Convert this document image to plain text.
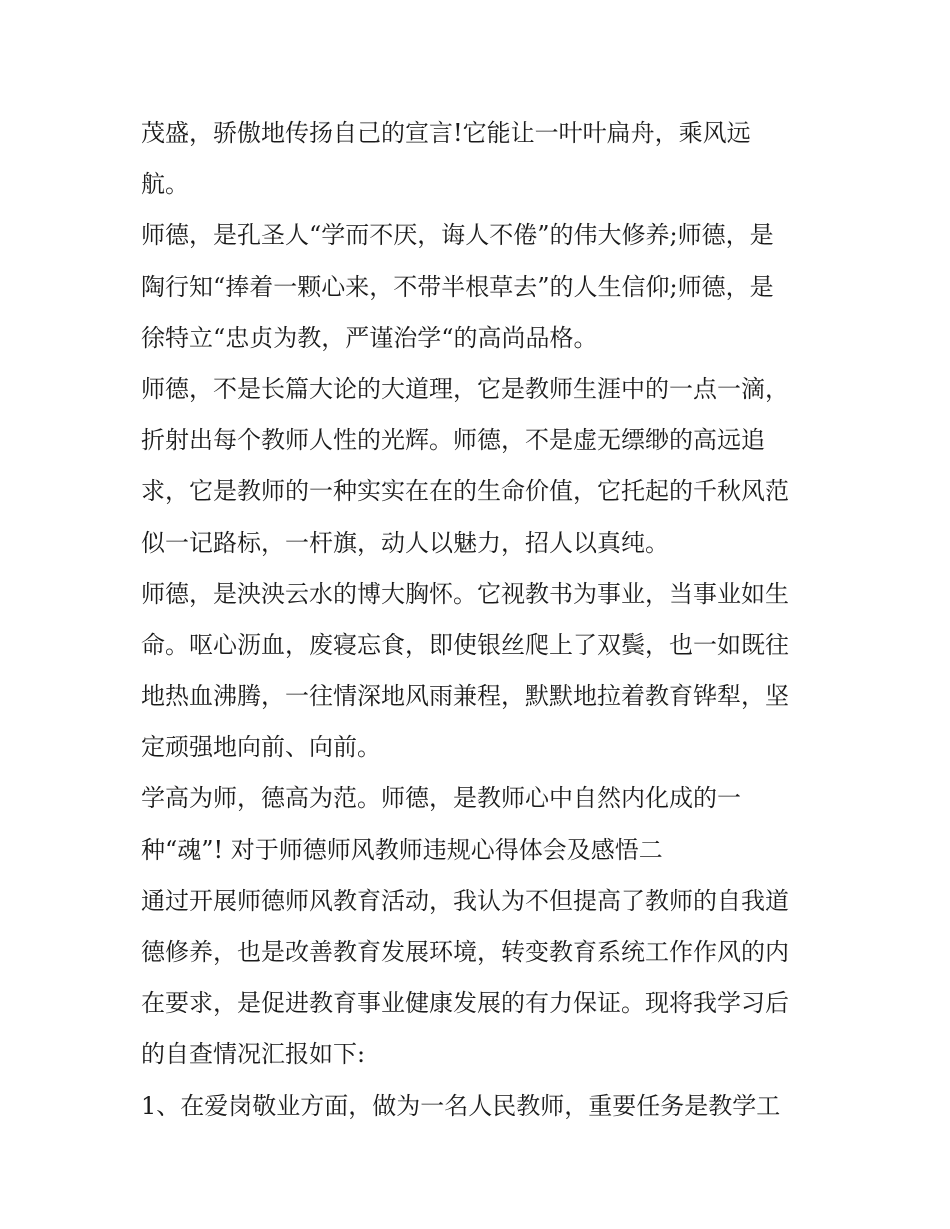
茂盛，骄傲地传扬自己的宣言!它能让一叶叶扁舟，乘风远
航。
师德，是孔圣人“学而不厌，诲人不倦”的伟大修养;师德，是
陶行知“捧着一颗心来，不带半根草去”的人生信仰;师德，是
徐特立“忠贞为教，严谨治学“的高尚品格。
师德，不是长篇大论的大道理，它是教师生涯中的一点一滴，
折射出每个教师人性的光辉。师德，不是虚无缥缈的高远追
求，它是教师的一种实实在在的生命价值，它托起的千秋风范
似一记路标，一杆旗，动人以魅力，招人以真纯。
师德，是泱泱云水的博大胸怀。它视教书为事业，当事业如生
命。呕心沥血，废寝忘食，即使银丝爬上了双鬓，也一如既往
地热血沸腾，一往情深地风雨兼程，默默地拉着教育铧犁，坚
定顽强地向前、向前。
学高为师，德高为范。师德，是教师心中自然内化成的一
种“魂”! 对于师德师风教师违规心得体会及感悟二
通过开展师德师风教育活动，我认为不但提高了教师的自我道
德修养，也是改善教育发展环境，转变教育系统工作作风的内
在要求，是促进教育事业健康发展的有力保证。现将我学习后
的自查情况汇报如下:
1、在爱岗敬业方面，做为一名人民教师，重要任务是教学工
